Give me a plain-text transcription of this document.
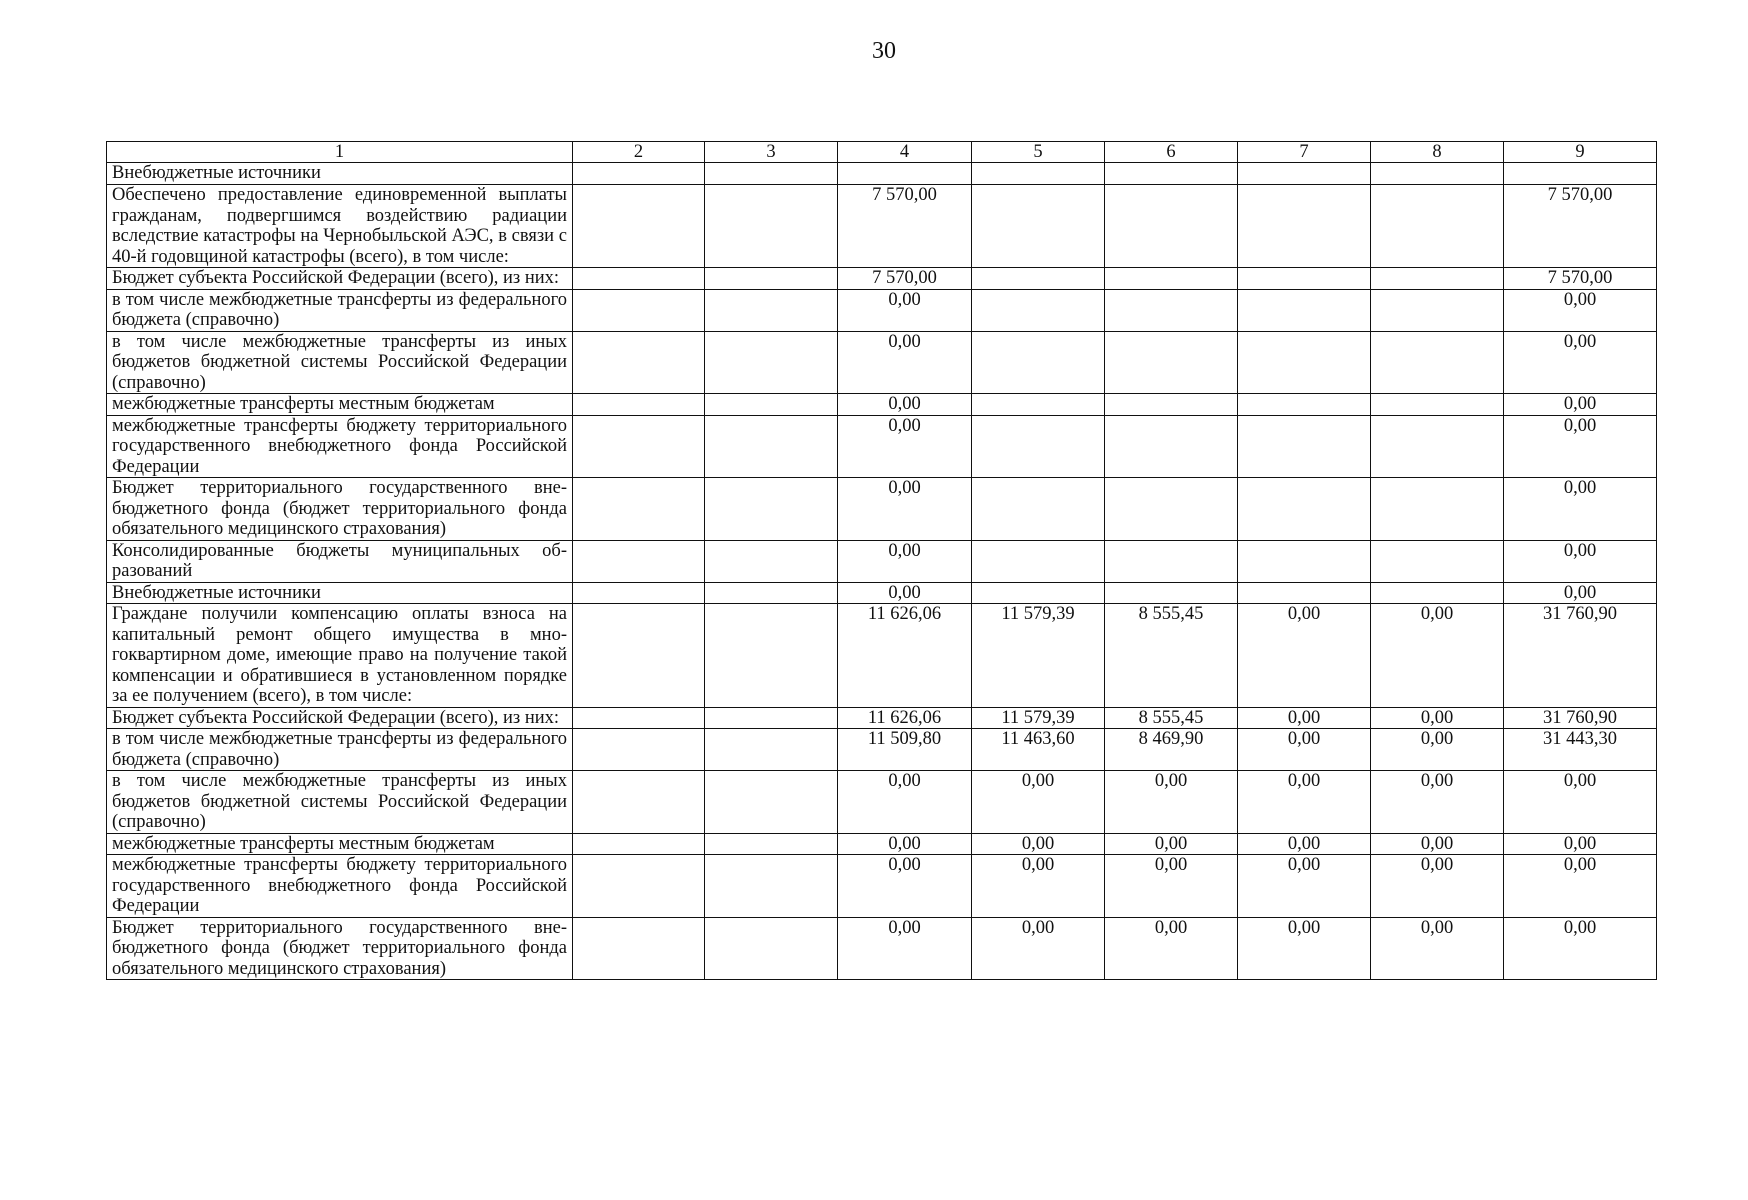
30
1	2	3	4	5	6	7	8	9
Внебюджетные источники								
Обеспечено предоставление единовременной выплаты гражданам, подвергшимся воздействию радиации вследствие катастрофы на Чернобыльской АЭС, в связи с 40-й годовщиной катастрофы (всего), в том числе:			7 570,00					7 570,00
Бюджет субъекта Российской Федерации (всего), из них:			7 570,00					7 570,00
в том числе межбюджетные трансферты из федерального бюджета (справочно)			0,00					0,00
в том числе межбюджетные трансферты из иных бюджетов бюджетной системы Российской Федерации (справочно)			0,00					0,00
межбюджетные трансферты местным бюджетам			0,00					0,00
межбюджетные трансферты бюджету территориального государственного внебюджетного фонда Российской Федерации			0,00					0,00
Бюджет территориального государственного внебюджетного фонда (бюджет территориального фонда обязательного медицинского страхования)			0,00					0,00
Консолидированные бюджеты муниципальных образований			0,00					0,00
Внебюджетные источники			0,00					0,00
Граждане получили компенсацию оплаты взноса на капитальный ремонт общего имущества в многоквартирном доме, имеющие право на получение такой компенсации и обратившиеся в установленном порядке за ее получением (всего), в том числе:			11 626,06	11 579,39	8 555,45	0,00	0,00	31 760,90
Бюджет субъекта Российской Федерации (всего), из них:			11 626,06	11 579,39	8 555,45	0,00	0,00	31 760,90
в том числе межбюджетные трансферты из федерального бюджета (справочно)			11 509,80	11 463,60	8 469,90	0,00	0,00	31 443,30
в том числе межбюджетные трансферты из иных бюджетов бюджетной системы Российской Федерации (справочно)			0,00	0,00	0,00	0,00	0,00	0,00
межбюджетные трансферты местным бюджетам			0,00	0,00	0,00	0,00	0,00	0,00
межбюджетные трансферты бюджету территориального государственного внебюджетного фонда Российской Федерации			0,00	0,00	0,00	0,00	0,00	0,00
Бюджет территориального государственного внебюджетного фонда (бюджет территориального фонда обязательного медицинского страхования)			0,00	0,00	0,00	0,00	0,00	0,00
